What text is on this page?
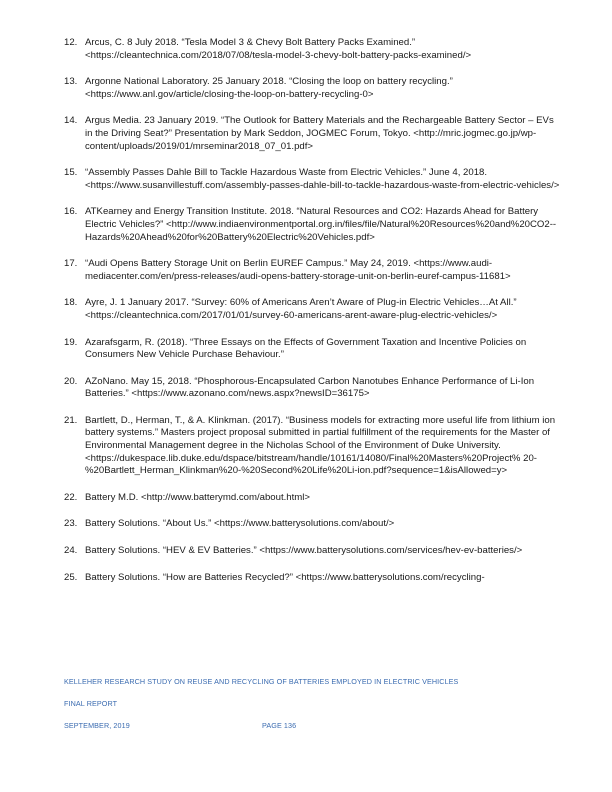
12. Arcus, C. 8 July 2018. “Tesla Model 3 & Chevy Bolt Battery Packs Examined.” <https://cleantechnica.com/2018/07/08/tesla-model-3-chevy-bolt-battery-packs-examined/>
13. Argonne National Laboratory. 25 January 2018. “Closing the loop on battery recycling.” <https://www.anl.gov/article/closing-the-loop-on-battery-recycling-0>
14. Argus Media. 23 January 2019. “The Outlook for Battery Materials and the Rechargeable Battery Sector – EVs in the Driving Seat?” Presentation by Mark Seddon, JOGMEC Forum, Tokyo. <http://mric.jogmec.go.jp/wp-content/uploads/2019/01/mrseminar2018_07_01.pdf>
15. “Assembly Passes Dahle Bill to Tackle Hazardous Waste from Electric Vehicles.” June 4, 2018. <https://www.susanvillestuff.com/assembly-passes-dahle-bill-to-tackle-hazardous-waste-from-electric-vehicles/>
16. ATKearney and Energy Transition Institute. 2018. “Natural Resources and CO2: Hazards Ahead for Battery Electric Vehicles?” <http://www.indiaenvironmentportal.org.in/files/file/Natural%20Resources%20and%20CO2--Hazards%20Ahead%20for%20Battery%20Electric%20Vehicles.pdf>
17. “Audi Opens Battery Storage Unit on Berlin EUREF Campus.” May 24, 2019. <https://www.audi-mediacenter.com/en/press-releases/audi-opens-battery-storage-unit-on-berlin-euref-campus-11681>
18. Ayre, J. 1 January 2017. “Survey: 60% of Americans Aren’t Aware of Plug-in Electric Vehicles…At All.” <https://cleantechnica.com/2017/01/01/survey-60-americans-arent-aware-plug-electric-vehicles/>
19. Azarafsgarm, R. (2018). “Three Essays on the Effects of Government Taxation and Incentive Policies on Consumers New Vehicle Purchase Behaviour.”
20. AZoNano. May 15, 2018. “Phosphorous-Encapsulated Carbon Nanotubes Enhance Performance of Li-Ion Batteries.” <https://www.azonano.com/news.aspx?newsID=36175>
21. Bartlett, D., Herman, T., & A. Klinkman. (2017). “Business models for extracting more useful life from lithium ion battery systems.” Masters project proposal submitted in partial fulfillment of the requirements for the Master of Environmental Management degree in the Nicholas School of the Environment of Duke University. <https://dukespace.lib.duke.edu/dspace/bitstream/handle/10161/14080/Final%20Masters%20Project% 20-%20Bartlett_Herman_Klinkman%20-%20Second%20Life%20Li-ion.pdf?sequence=1&isAllowed=y>
22. Battery M.D. <http://www.batterymd.com/about.html>
23. Battery Solutions. “About Us.” <https://www.batterysolutions.com/about/>
24. Battery Solutions. “HEV & EV Batteries.” <https://www.batterysolutions.com/services/hev-ev-batteries/>
25. Battery Solutions. “How are Batteries Recycled?” <https://www.batterysolutions.com/recycling-
KELLEHER RESEARCH STUDY ON REUSE AND RECYCLING OF BATTERIES EMPLOYED IN ELECTRIC VEHICLES
FINAL REPORT
SEPTEMBER, 2019	PAGE 136
